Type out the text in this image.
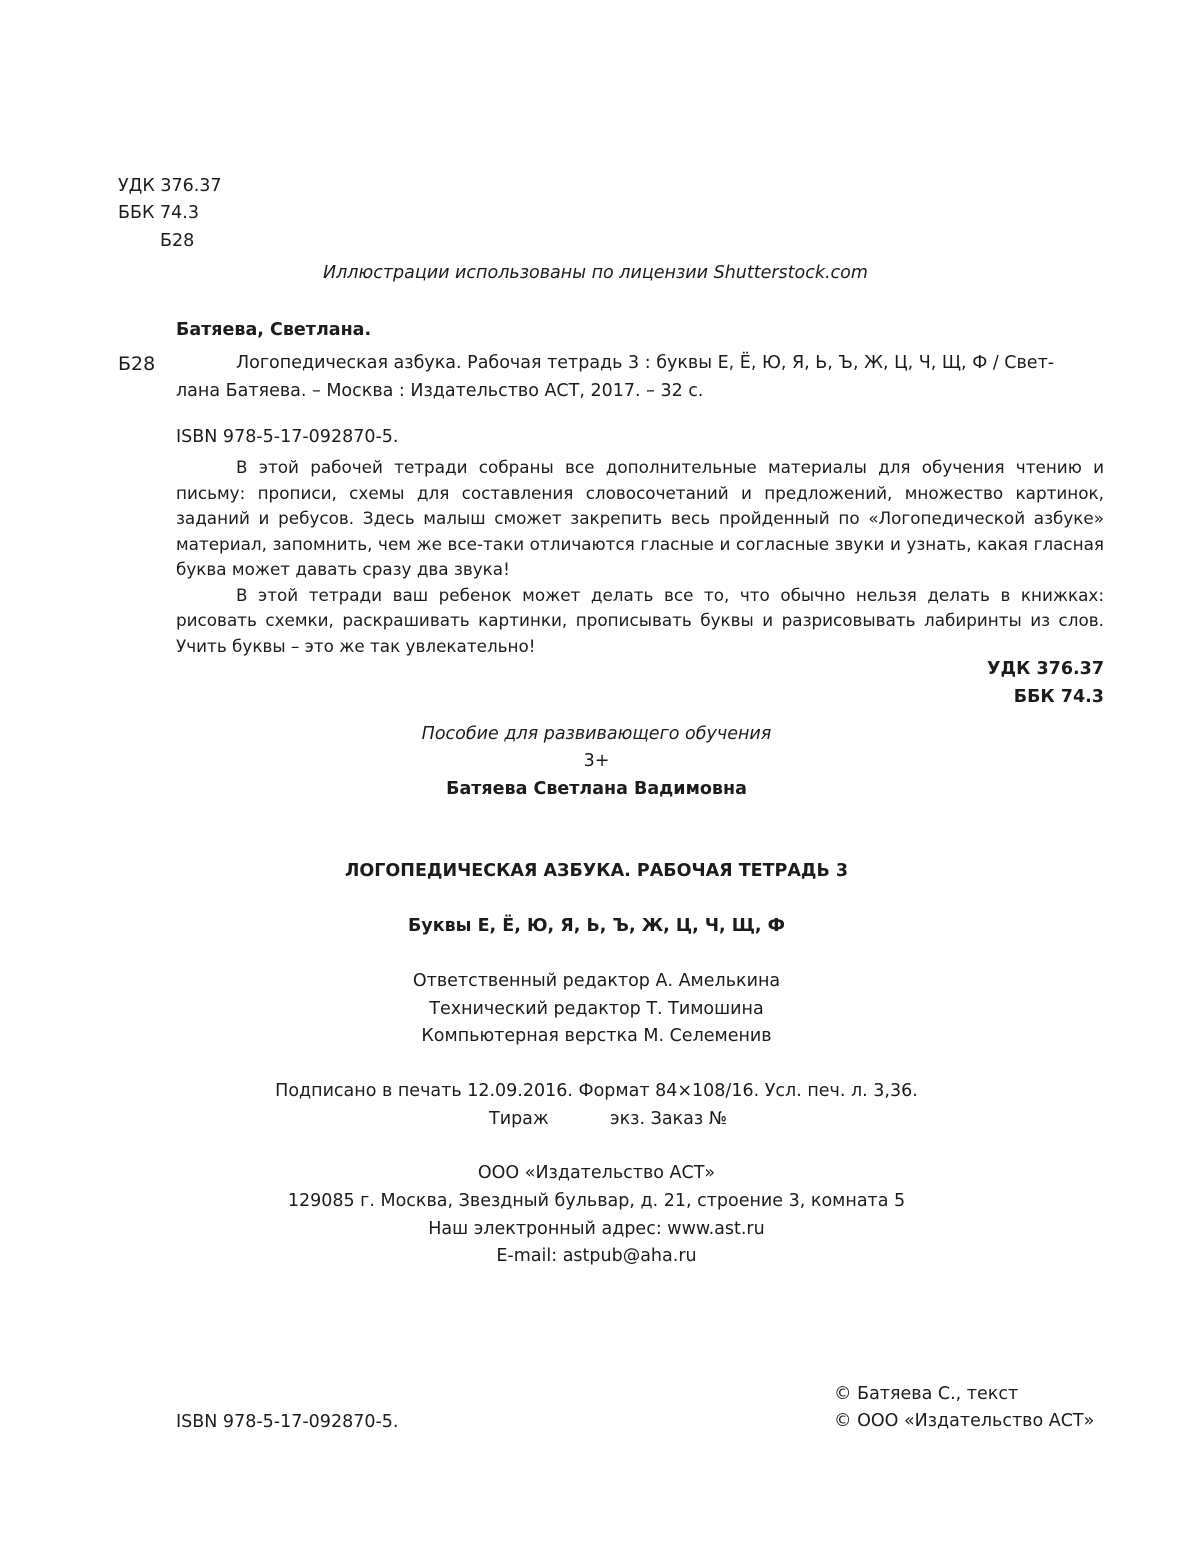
УДК 376.37
ББК 74.3
Б28
Иллюстрации использованы по лицензии Shutterstock.com
Батяева, Светлана.
Б28	Логопедическая азбука. Рабочая тетрадь 3 : буквы Е, Ё, Ю, Я, Ь, Ъ, Ж, Ц, Ч, Щ, Ф / Свет-
лана Батяева. – Москва : Издательство АСТ, 2017. – 32 с.
ISBN 978-5-17-092870-5.

В этой рабочей тетради собраны все дополнительные материалы для обучения чтению и письму: прописи, схемы для составления словосочетаний и предложений, множество картинок, заданий и ребусов. Здесь малыш сможет закрепить весь пройденный по «Логопедической азбуке» материал, запомнить, чем же все-таки отличаются гласные и согласные звуки и узнать, какая гласная буква может давать сразу два звука!

В этой тетради ваш ребенок может делать все то, что обычно нельзя делать в книжках: рисовать схемки, раскрашивать картинки, прописывать буквы и разрисовывать лабиринты из слов. Учить буквы – это же так увлекательно!

УДК 376.37
ББК 74.3
Пособие для развивающего обучения
3+
Батяева Светлана Вадимовна
ЛОГОПЕДИЧЕСКАЯ АЗБУКА. РАБОЧАЯ ТЕТРАДЬ 3
Буквы Е, Ё, Ю, Я, Ь, Ъ, Ж, Ц, Ч, Щ, Ф
Ответственный редактор А. Амелькина
Технический редактор Т. Тимошина
Компьютерная верстка М. Селеменив
Подписано в печать 12.09.2016. Формат 84×108/16. Усл. печ. л. 3,36.
Тираж	экз. Заказ №
ООО «Издательство АСТ»
129085 г. Москва, Звездный бульвар, д. 21, строение 3, комната 5
Наш электронный адрес: www.ast.ru
E-mail: astpub@aha.ru
© Батяева С., текст
ISBN 978-5-17-092870-5.	© ООО «Издательство АСТ»
